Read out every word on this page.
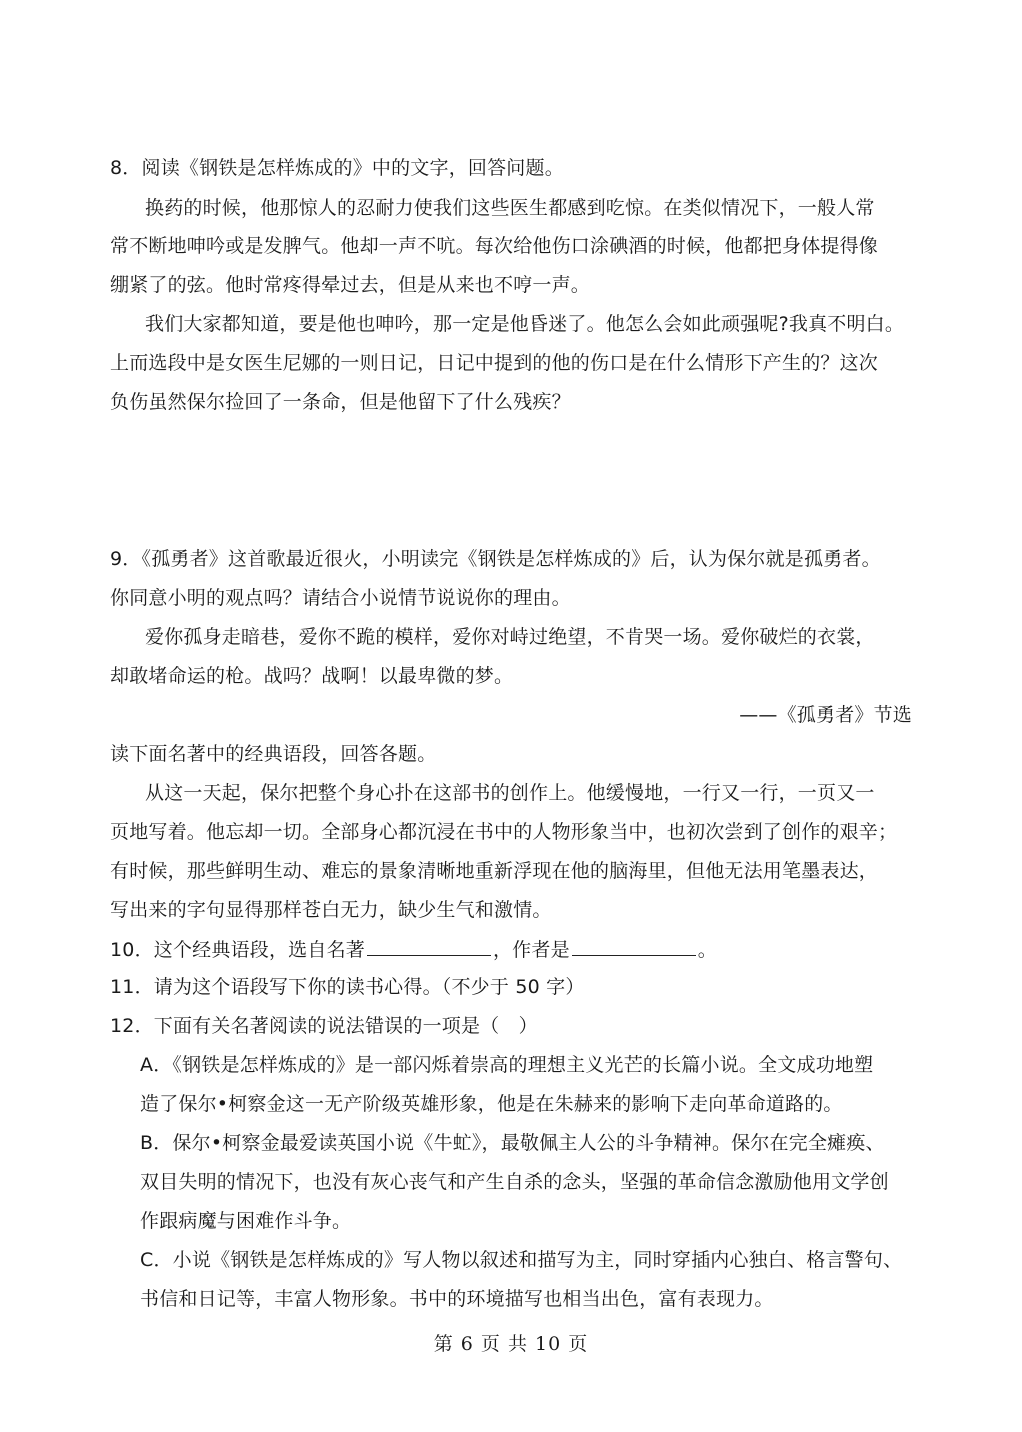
8．阅读《钢铁是怎样炼成的》中的文字，回答问题。
换药的时候，他那惊人的忍耐力使我们这些医生都感到吃惊。在类似情况下，一般人常
常不断地呻吟或是发脾气。他却一声不吭。每次给他伤口涂碘酒的时候，他都把身体提得像
绷紧了的弦。他时常疼得晕过去，但是从来也不哼一声。
我们大家都知道，要是他也呻吟，那一定是他昏迷了。他怎么会如此顽强呢?我真不明白。
上而选段中是女医生尼娜的一则日记，日记中提到的他的伤口是在什么情形下产生的？这次
负伤虽然保尔捡回了一条命，但是他留下了什么残疾？
9．《孤勇者》这首歌最近很火，小明读完《钢铁是怎样炼成的》后，认为保尔就是孤勇者。
你同意小明的观点吗？请结合小说情节说说你的理由。
爱你孤身走暗巷，爱你不跪的模样，爱你对峙过绝望，不肯哭一场。爱你破烂的衣裳，
却敢堵命运的枪。战吗？战啊！以最卑微的梦。
——《孤勇者》节选
读下面名著中的经典语段，回答各题。
从这一天起，保尔把整个身心扑在这部书的创作上。他缓慢地，一行又一行，一页又一
页地写着。他忘却一切。全部身心都沉浸在书中的人物形象当中，也初次尝到了创作的艰辛；
有时候，那些鲜明生动、难忘的景象清晰地重新浮现在他的脑海里，但他无法用笔墨表达，
写出来的字句显得那样苍白无力，缺少生气和激情。
10．这个经典语段，选自名著	，作者是	。
11．请为这个语段写下你的读书心得。（不少于 50 字）
12．下面有关名著阅读的说法错误的一项是（　）
A．《钢铁是怎样炼成的》是一部闪烁着崇高的理想主义光芒的长篇小说。全文成功地塑
造了保尔•柯察金这一无产阶级英雄形象，他是在朱赫来的影响下走向革命道路的。
B．保尔•柯察金最爱读英国小说《牛虻》，最敬佩主人公的斗争精神。保尔在完全瘫痪、
双目失明的情况下，也没有灰心丧气和产生自杀的念头，坚强的革命信念激励他用文学创
作跟病魔与困难作斗争。
C．小说《钢铁是怎样炼成的》写人物以叙述和描写为主，同时穿插内心独白、格言警句、
书信和日记等，丰富人物形象。书中的环境描写也相当出色，富有表现力。
第 6 页 共 10 页
